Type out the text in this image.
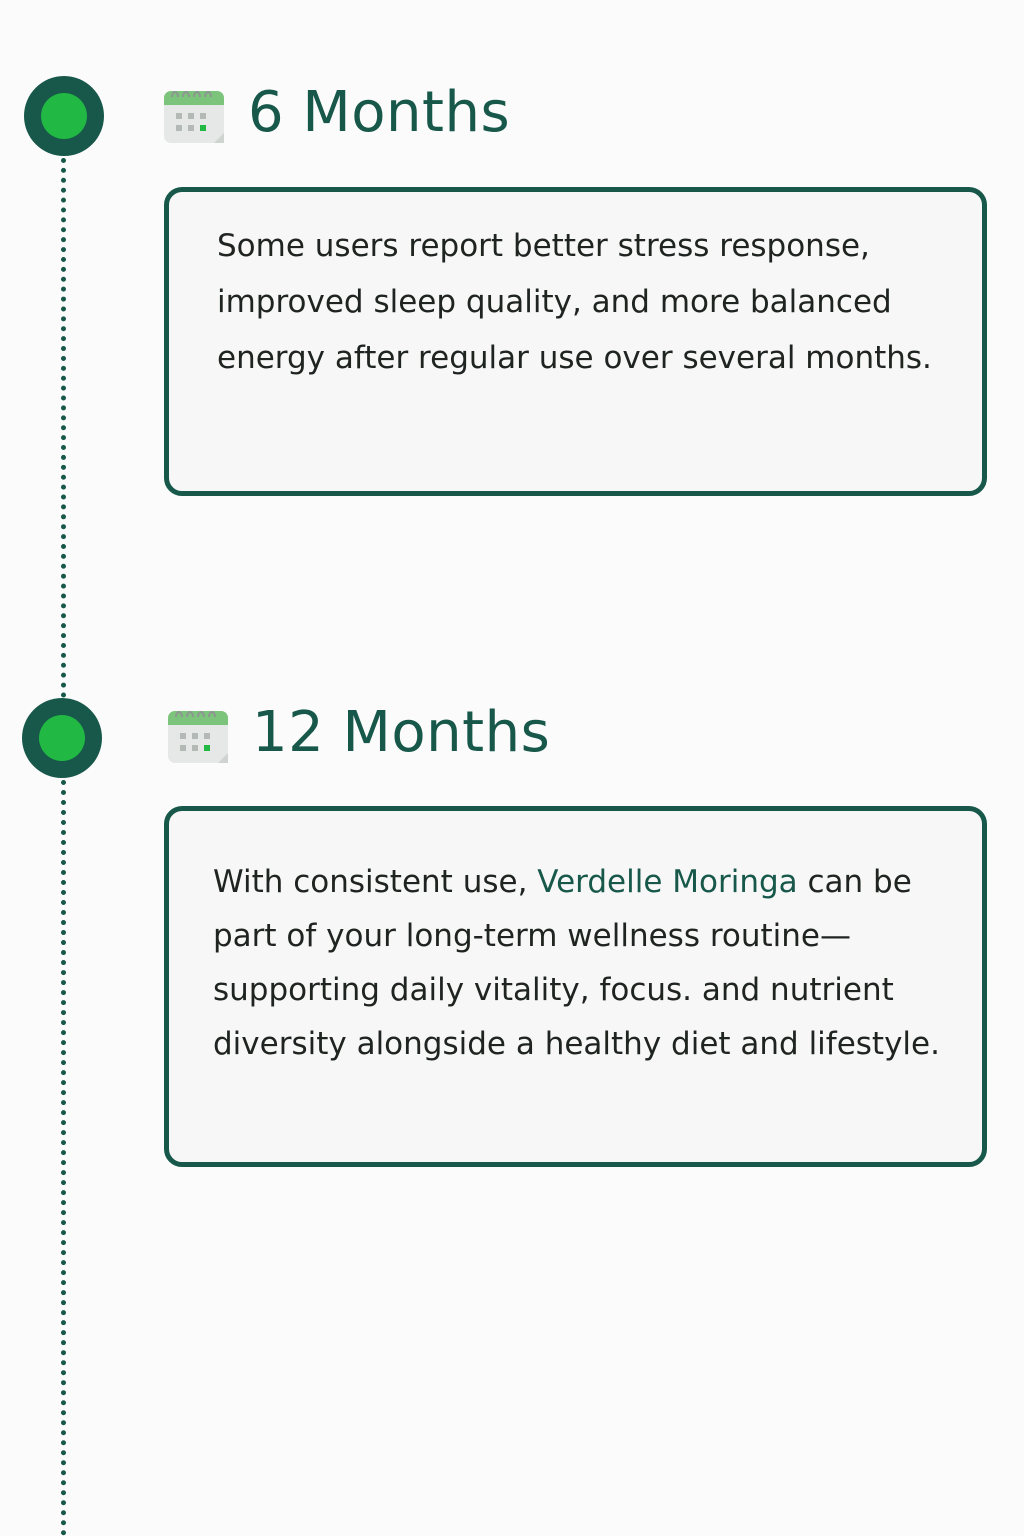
6 Months

Some users report better stress response, improved sleep quality, and more balanced energy after regular use over several months.

12 Months

With consistent use, Verdelle Moringa can be part of your long-term wellness routine—supporting daily vitality, focus. and nutrient diversity alongside a healthy diet and lifestyle.
